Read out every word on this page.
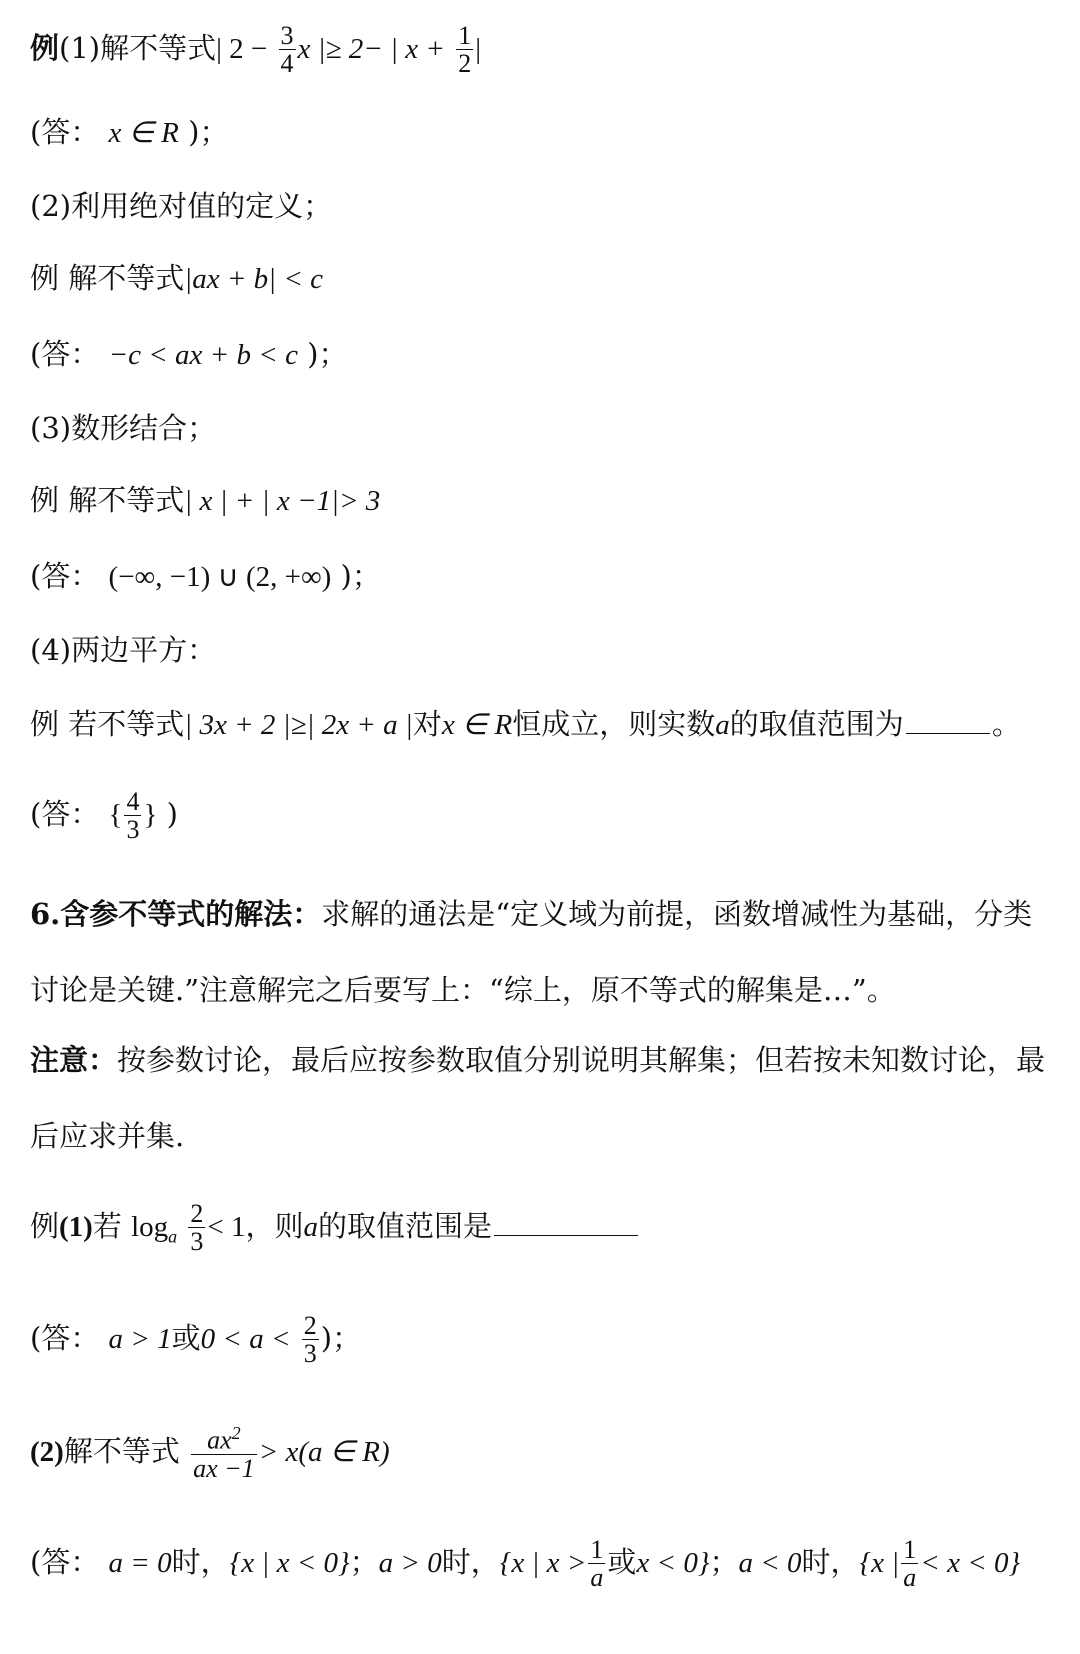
例(1)解不等式| $2 - \frac{3}{4}$ x |≥ 2− | $x + \frac{1}{2}$ |
(答： x ∈ R )；
(2)利用绝对值的定义；
例 解不等式|ax + b| < c
(答： −c < ax + b < c )；
(3)数形结合；
例 解不等式| x | + | x −1|> 3
(答： (−∞, −1) ∪ (2, +∞) )；
(4)两边平方：
例 若不等式| 3x + 2 |≥| 2x + a |对x ∈ R恒成立，则实数a的取值范围为	。
(答： { $\frac{4}{3}$ } )
6.含参不等式的解法：求解的通法是“定义域为前提，函数增减性为基础，分类
讨论是关键.”注意解完之后要写上：“综上，原不等式的解集是…”。
注意：按参数讨论，最后应按参数取值分别说明其解集；但若按未知数讨论，最
后应求并集.
例(1)若 $\log_a \frac{2}{3} < 1$，则a的取值范围是
(答： a > 1或$0 < a < \frac{2}{3}$ )；
(2)解不等式 $\frac{ax^2}{ax -1} > x(a$ ∈ R)
(答： a = 0时，{x | x < 0}；a > 0时，{x | $x > \frac{1}{a}$ 或x < 0}；a < 0时，{x | $\frac{1}{a} < x < 0$}
